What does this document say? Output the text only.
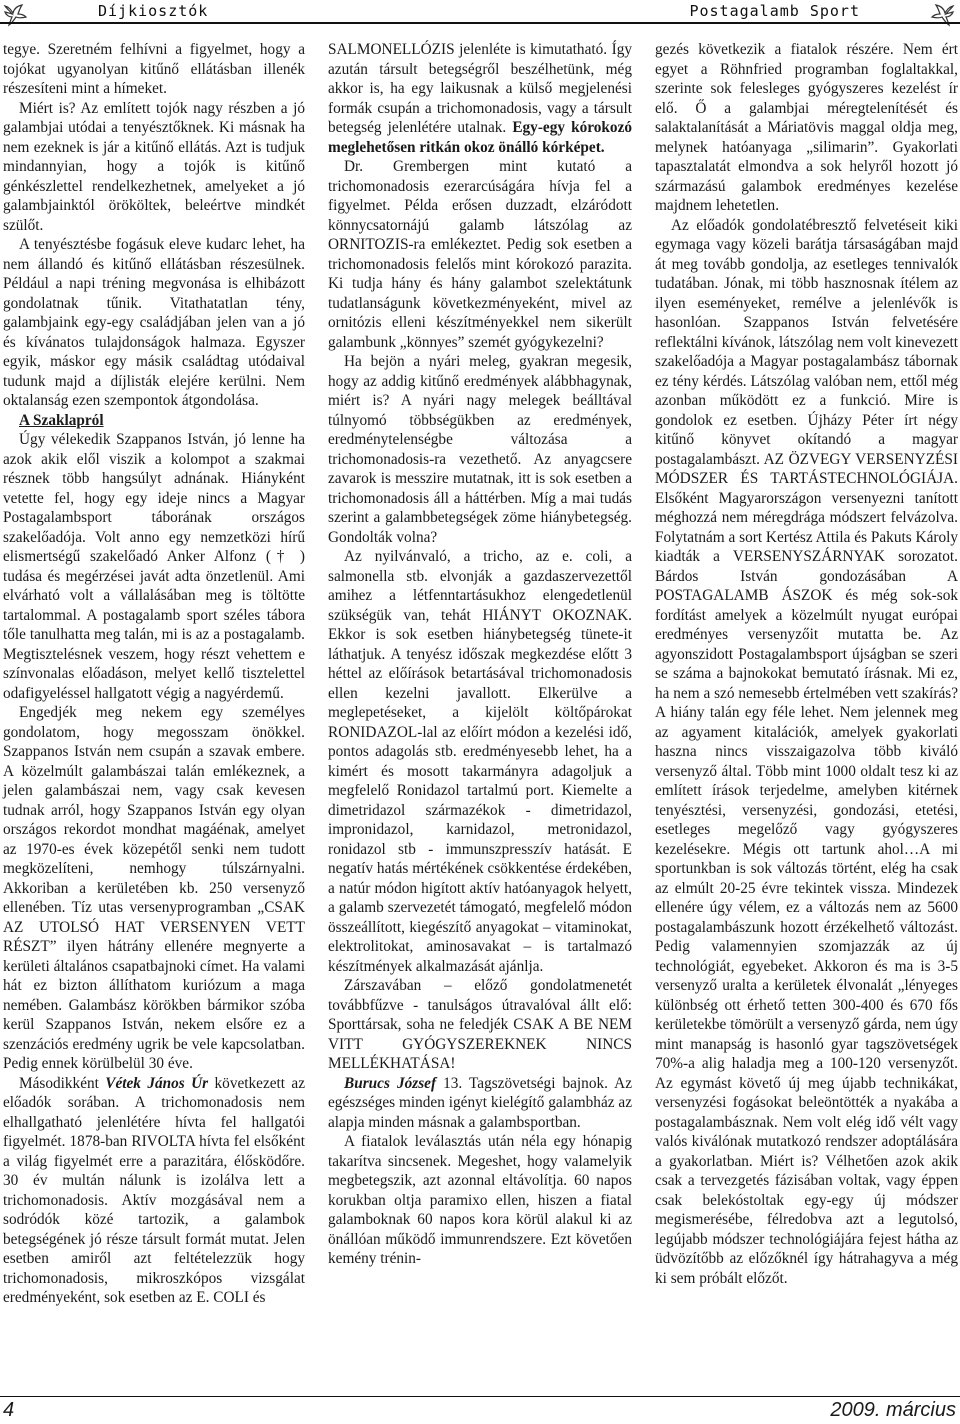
Díjkiosztók	Postagalamb Sport

tegye. Szeretném felhívni a figyelmet, hogy a tojókat ugyanolyan kitűnő ellátásban illenék részesíteni mint a hímeket.

Miért is? Az említett tojók nagy részben a jó galambjai utódai a tenyésztőknek. Ki másnak ha nem ezeknek is jár a kitűnő ellátás. Azt is tudjuk mindannyian, hogy a tojók is kitűnő génkészlettel rendelkezhetnek, amelyeket a jó galambjainktól örököltek, beleértve mindkét szülőt.

A tenyésztésbe fogásuk eleve kudarc lehet, ha nem állandó és kitűnő ellátásban részesülnek. Például a napi tréning megvonása is elhibázott gondolatnak tűnik. Vitathatatlan tény, galambjaink egy-egy családjában jelen van a jó és kívánatos tulajdonságok halmaza. Egyszer egyik, máskor egy másik családtag utódaival tudunk majd a díjlisták elejére kerülni. Nem oktalanság ezen szempontok átgondolása.

A Szaklapról

Úgy vélekedik Szappanos István, jó lenne ha azok akik elől viszik a kolompot a szakmai résznek több hangsúlyt adnának. Hiányként vetette fel, hogy egy ideje nincs a Magyar Postagalambsport táborának országos szakelőadója. Volt anno egy nemzetközi hírű elismertségű szakelőadó Anker Alfonz († ) tudása és megérzései javát adta önzetlenül. Ami elvárható volt a vállalásában meg is töltötte tartalommal. A postagalamb sport széles tábora tőle tanulhatta meg talán, mi is az a postagalamb. Megtisztelésnek veszem, hogy részt vehettem e színvonalas előadáson, melyet kellő tisztelettel odafigyeléssel hallgatott végig a nagyérdemű.

Engedjék meg nekem egy személyes gondolatom, hogy megosszam önökkel. Szappanos István nem csupán a szavak embere. A közelmúlt galambászai talán emlékeznek, a jelen galambászai nem, vagy csak kevesen tudnak arról, hogy Szappanos István egy olyan országos rekordot mondhat magáénak, amelyet az 1970-es évek közepétől senki nem tudott megközelíteni, nemhogy túlszárnyalni. Akkoriban a kerületében kb. 250 versenyző ellenében. Tíz utas versenyprogramban „CSAK AZ UTOLSÓ HAT VERSENYEN VETT RÉSZT” ilyen hátrány ellenére megnyerte a kerületi általános csapatbajnoki címet. Ha valami hát ez bizton állíthatom kuriózum a maga nemében. Galambász körökben bármikor szóba kerül Szappanos István, nekem elsőre ez a szenzációs eredmény ugrik be vele kapcsolatban. Pedig ennek körülbelül 30 éve.

Másodikként Vétek János Úr következett az előadók sorában. A trichomonadosis nem elhallgatható jelenlétére hívta fel hallgatói figyelmét. 1878-ban RIVOLTA hívta fel elsőként a világ figyelmét erre a parazitára, élősködőre. 30 év multán nálunk is izolálva lett a trichomonadosis. Aktív mozgásával nem a sodródók közé tartozik, a galambok betegségének jó része társult formát mutat. Jelen esetben amiről azt feltételezzük hogy trichomonadosis, mikroszkópos vizsgálat eredményeként, sok esetben az E. COLI és

SALMONELLÓZIS jelenléte is kimutatható. Így azután társult betegségről beszélhetünk, még akkor is, ha egy laikusnak a külső megjelenési formák csupán a trichomonadosis, vagy a társult betegség jelenlétére utalnak. Egy-egy kórokozó meglehetősen ritkán okoz önálló kórképet.

Dr. Grembergen mint kutató a trichomonadosis ezerarcúságára hívja fel a figyelmet. Példa erősen duzzadt, elzáródott könnycsatornájú galamb látszólag az ORNITOZIS-ra emlékeztet. Pedig sok esetben a trichomonadosis felelős mint kórokozó parazita. Ki tudja hány és hány galambot szelektátunk tudatlanságunk következményeként, mivel az ornitózis elleni készítményekkel nem sikerült galambunk „könnyes” szemét gyógykezelni?

Ha bejön a nyári meleg, gyakran megesik, hogy az addig kitűnő eredmények alábbhagynak, miért is? A nyári nagy melegek beálltával túlnyomó többségükben az eredmények, eredménytelenségbe változása a trichomonadosis-ra vezethető. Az anyagcsere zavarok is messzire mutatnak, itt is sok esetben a trichomonadosis áll a háttérben. Míg a mai tudás szerint a galambbetegségek zöme hiánybetegség. Gondolták volna?

Az nyilvánvaló, a tricho, az e. coli, a salmonella stb. elvonják a gazdaszervezettől amihez a létfenntartásukhoz elengedetlenül szükségük van, tehát HIÁNYT OKOZNAK. Ekkor is sok esetben hiánybetegség tünete-it láthatjuk. A tenyész időszak megkezdése előtt 3 héttel az előírások betartásával trichomonadosis ellen kezelni javallott. Elkerülve a meglepetéseket, a kijelölt költőpárokat RONIDAZOL-lal az előírt módon a kezelési idő, pontos adagolás stb. eredményesebb lehet, ha a kimért és mosott takarmányra adagoljuk a megfelelő Ronidazol tartalmú port. Kiemelte a dimetridazol származékok - dimetridazol, impronidazol, karnidazol, metronidazol, ronidazol stb - immunszpresszív hatását. E negatív hatás mértékének csökkentése érdekében, a natúr módon higított aktív hatóanyagok helyett, a galamb szervezetét támogató, megfelelő módon összeállított, kiegészítő anyagokat – vitaminokat, elektrolitokat, aminosavakat – is tartalmazó készítmények alkalmazását ajánlja.

Zárszavában – előző gondolatmenetét továbbfűzve - tanulságos útravalóval állt elő: Sporttársak, soha ne feledjék CSAK A BE NEM VITT GYÓGYSZEREKNEK NINCS MELLÉKHATÁSA!

Burucs József 13. Tagszövetségi bajnok. Az egészséges minden igényt kielégítő galambház az alapja minden másnak a galambsportban.

A fiatalok leválasztás után néla egy hónapig takarítva sincsenek. Megeshet, hogy valamelyik megbetegszik, azt azonnal eltávolítja. 60 napos korukban oltja paramixo ellen, hiszen a fiatal galamboknak 60 napos kora körül alakul ki az önállóan működő immunrendszere. Ezt követően kemény trénin-

gezés következik a fiatalok részére. Nem ért egyet a Röhnfried programban foglaltakkal, szerinte sok felesleges gyógyszeres kezelést ír elő. Ő a galambjai méregtelenítését és salaktalanítását a Máriatövis maggal oldja meg, melynek hatóanyaga „silimarin”. Gyakorlati tapasztalatát elmondva a sok helyről hozott jó származású galambok eredményes kezelése majdnem lehetetlen.

Az előadók gondolatébresztő felvetéseit kiki egymaga vagy közeli barátja társaságában majd át meg tovább gondolja, az esetleges tennivalók tudatában. Jónak, mi több hasznosnak ítélem az ilyen eseményeket, remélve a jelenlévők is hasonlóan. Szappanos István felvetésére reflektálni kívánok, látszólag nem volt kinevezett szakelőadója a Magyar postagalambász tábornak ez tény kérdés. Látszólag valóban nem, ettől még azonban működött ez a funkció. Mire is gondolok ez esetben. Újházy Péter írt négy kitűnő könyvet okítandó a magyar postagalambászt. AZ ÖZVEGY VERSENYZÉSI MÓDSZER ÉS TARTÁSTECHNOLÓGIÁJA. Elsőként Magyarországon versenyezni tanított méghozzá nem méregdrága módszert felvázolva. Folytatnám a sort Kertész Attila és Pakuts Károly kiadták a VERSENYSZÁRNYAK sorozatot. Bárdos István gondozásában A POSTAGALAMB ÁSZOK és még sok-sok fordítást amelyek a közelmúlt nyugat európai eredményes versenyzőit mutatta be. Az agyonszidott Postagalambsport újságban se szeri se száma a bajnokokat bemutató írásnak. Mi ez, ha nem a szó nemesebb értelmében vett szakírás? A hiány talán egy féle lehet. Nem jelennek meg az agyament kitalációk, amelyek gyakorlati haszna nincs visszaigazolva több kiváló versenyző által. Több mint 1000 oldalt tesz ki az említett írások terjedelme, amelyben kitérnek tenyésztési, versenyzési, gondozási, etetési, esetleges megelőző vagy gyógyszeres kezelésekre. Mégis ott tartunk ahol…A mi sportunkban is sok változás történt, elég ha csak az elmúlt 20-25 évre tekintek vissza. Mindezek ellenére úgy vélem, ez a változás nem az 5600 postagalambászunk hozott érzékelhető változást. Pedig valamennyien szomjazzák az új technológiát, egyebeket. Akkoron és ma is 3-5 versenyző uralta a kerületek élvonalát „lényeges különbség ott érhető tetten 300-400 és 670 fős kerületekbe tömörült a versenyző gárda, nem úgy mint manapság is hasonló gyar tagszövetségek 70%-a alig haladja meg a 100-120 versenyzőt. Az egymást követő új meg újabb technikákat, versenyzési fogásokat beleöntötték a nyakába a postagalambásznak. Nem volt elég idő vélt vagy valós kiválónak mutatkozó rendszer adoptálására a gyakorlatban. Miért is? Vélhetően azok akik csak a tervezgetés fázisában voltak, vagy éppen csak belekóstoltak egy-egy új módszer megismerésébe, félredobva azt a legutolsó, legújabb módszer technológiájára fejest hátha az üdvözítőbb az előzőknél így hátrahagyva a még ki sem próbált előzőt.

4	2009. március
